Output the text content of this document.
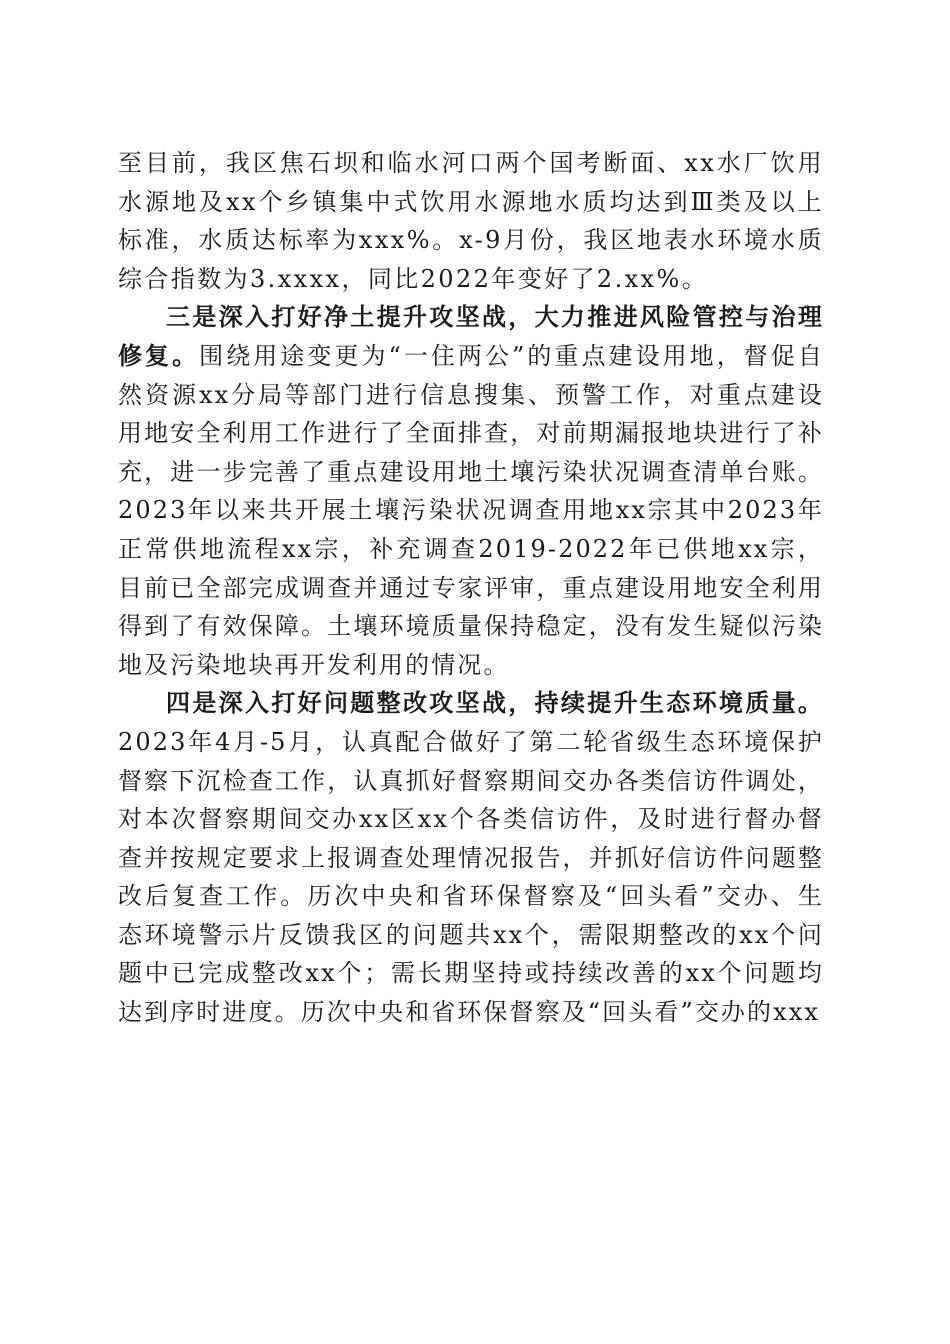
至目前，我区焦石坝和临水河口两个国考断面、xx水厂饮用水源地及xx个乡镇集中式饮用水源地水质均达到Ⅲ类及以上标准，水质达标率为xxx%。x-9月份，我区地表水环境水质综合指数为3.xxxx，同比2022年变好了2.xx%。

三是深入打好净土提升攻坚战，大力推进风险管控与治理修复。围绕用途变更为“一住两公”的重点建设用地，督促自然资源xx分局等部门进行信息搜集、预警工作，对重点建设用地安全利用工作进行了全面排查，对前期漏报地块进行了补充，进一步完善了重点建设用地土壤污染状况调查清单台账。2023年以来共开展土壤污染状况调查用地xx宗其中2023年正常供地流程xx宗，补充调查2019-2022年已供地xx宗，目前已全部完成调查并通过专家评审，重点建设用地安全利用得到了有效保障。土壤环境质量保持稳定，没有发生疑似污染地及污染地块再开发利用的情况。

四是深入打好问题整改攻坚战，持续提升生态环境质量。2023年4月-5月，认真配合做好了第二轮省级生态环境保护督察下沉检查工作，认真抓好督察期间交办各类信访件调处，对本次督察期间交办xx区xx个各类信访件，及时进行督办督查并按规定要求上报调查处理情况报告，并抓好信访件问题整改后复查工作。历次中央和省环保督察及“回头看”交办、生态环境警示片反馈我区的问题共xx个，需限期整改的xx个问题中已完成整改xx个；需长期坚持或持续改善的xx个问题均达到序时进度。历次中央和省环保督察及“回头看”交办的xxx
